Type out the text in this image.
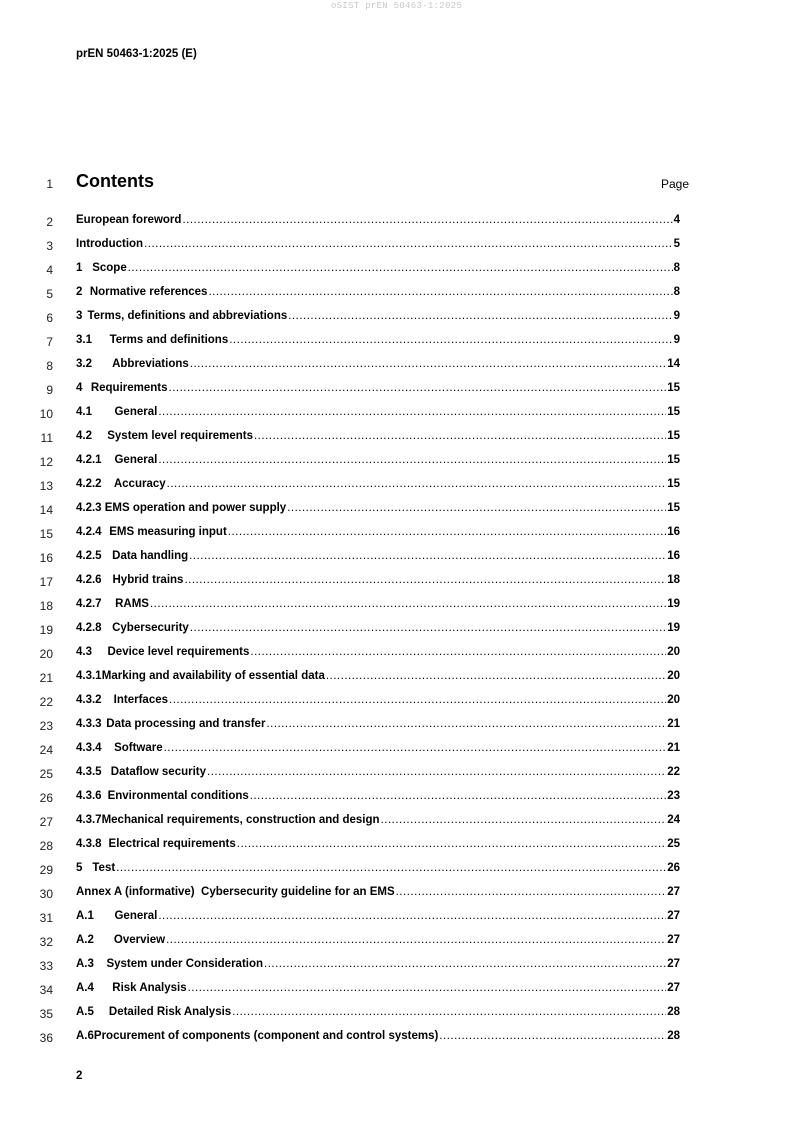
oSIST prEN 50463-1:2025
prEN 50463-1:2025 (E)
1 Contents	Page
2 European foreword .....	4
3 Introduction .....	5
4 1 Scope .....	8
5 2 Normative references .....	8
6 3 Terms, definitions and abbreviations .....	9
7 3.1	Terms and definitions .....	9
8 3.2	Abbreviations .....	14
9 4 Requirements .....	15
10 4.1	General .....	15
11 4.2	System level requirements .....	15
12 4.2.1	General .....	15
13 4.2.2	Accuracy .....	15
14 4.2.3 EMS operation and power supply .....	15
15 4.2.4 EMS measuring input .....	16
16 4.2.5 Data handling .....	16
17 4.2.6 Hybrid trains .....	18
18 4.2.7	RAMS .....	19
19 4.2.8 Cybersecurity .....	19
20 4.3	Device level requirements .....	20
21 4.3.1 Marking and availability of essential data .....	20
22 4.3.2	Interfaces .....	20
23 4.3.3 Data processing and transfer .....	21
24 4.3.4	Software .....	21
25 4.3.5 Dataflow security .....	22
26 4.3.6 Environmental conditions .....	23
27 4.3.7 Mechanical requirements, construction and design .....	24
28 4.3.8 Electrical requirements .....	25
29 5 Test .....	26
30 Annex A (informative)  Cybersecurity guideline for an EMS .....	27
31 A.1	General .....	27
32 A.2	Overview .....	27
33 A.3	System under Consideration .....	27
34 A.4	Risk Analysis .....	27
35 A.5	Detailed Risk Analysis .....	28
36 A.6 Procurement of components (component and control systems) .....	28
2
